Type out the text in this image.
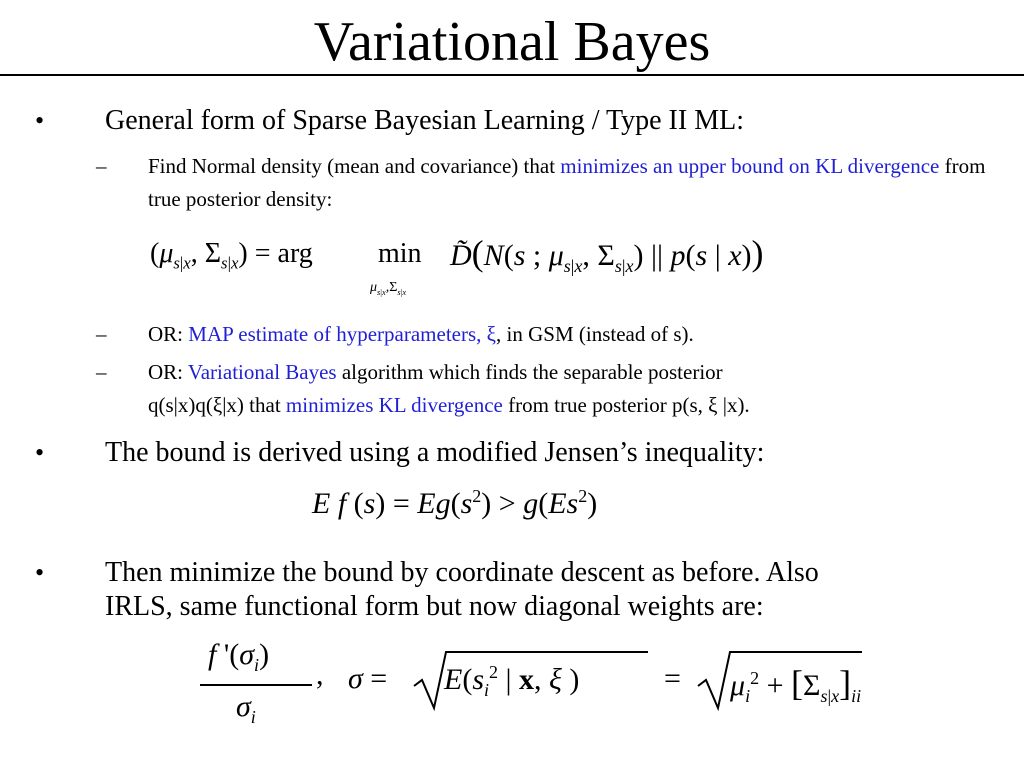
Variational Bayes
• General form of Sparse Bayesian Learning / Type II ML:
– Find Normal density (mean and covariance) that minimizes an upper bound on KL divergence from true posterior density:
($\mu_{s|x}$, $\Sigma_{s|x}$) = arg min
$\mu_{s|x},\Sigma_{s|x}$
D̃(N(s ; $\mu_{s|x}$, $\Sigma_{s|x}$) || p(s | x))
– OR: MAP estimate of hyperparameters, ξ, in GSM (instead of s).
– OR: Variational Bayes algorithm which finds the separable posterior
q(s|x)q(ξ|x) that minimizes KL divergence from true posterior p(s, ξ |x).
• The bound is derived using a modified Jensen’s inequality:
E f $(s) = Eg(s^2) > g(Es^2)$
• Then minimize the bound by coordinate descent as before. Also
IRLS, same functional form but now diagonal weights are:
f '$(\sigma_i)$
$\sigma_i$
, $\sigma = E(s_i^2$ | x, ξ )	= $\mu_i^2 + [\Sigma_{s|x}]_{ii}$
